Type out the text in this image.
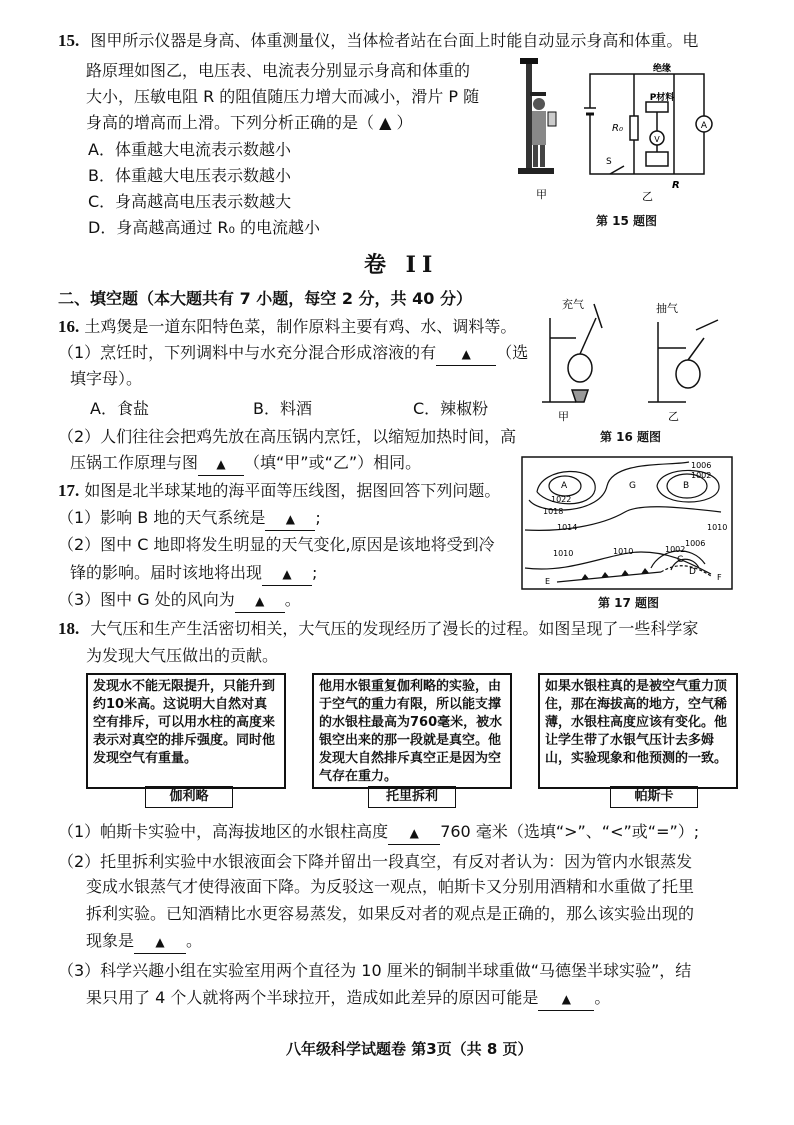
15. 图甲所示仪器是身高、体重测量仪，当体检者站在台面上时能自动显示身高和体重。电
路原理如图乙，电压表、电流表分别显示身高和体重的
大小，压敏电阻 R 的阻值随压力增大而减小，滑片 P 随
身高的增高而上滑。下列分析正确的是（ ▲ ）
A．体重越大电流表示数越小
B．体重越大电压表示数越小
C．身高越高电压表示数越大
D．身高越高通过 R₀ 的电流越小
绝缘
P材料
R₀
R
S
A
V
甲	乙
第 15 题图
卷 II
二、填空题（本大题共有 7 小题，每空 2 分，共 40 分）
16. 土鸡煲是一道东阳特色菜，制作原料主要有鸡、水、调料等。
（1）烹饪时，下列调料中与水充分混合形成溶液的有 ▲ （选
填字母）。
A．食盐	B．料酒	C．辣椒粉
（2）人们往往会把鸡先放在高压锅内烹饪，以缩短加热时间，高
压锅工作原理与图 ▲ （填“甲”或“乙”）相同。
充气	抽气
甲	乙
第 16 题图
17. 如图是北半球某地的海平面等压线图，据图回答下列问题。
（1）影响 B 地的天气系统是 ▲ ;
（2）图中 C 地即将发生明显的天气变化,原因是该地将受到冷
锋的影响。届时该地将出现 ▲ ;
（3）图中 G 处的风向为 ▲ 。
1006
1002
A	B
G
1022
1018
1014	1010
1010	1002
1006
C
D
E	F
1010
第 17 题图
18. 大气压和生产生活密切相关，大气压的发现经历了漫长的过程。如图呈现了一些科学家
为发现大气压做出的贡献。
发现水不能无限提升，只能升到约10米高。这说明大自然对真空有排斥，可以用水柱的高度来表示对真空的排斥强度。同时他发现空气有重量。
伽利略
他用水银重复伽利略的实验，由于空气的重力有限，所以能支撑的水银柱最高为760毫米，被水银空出来的那一段就是真空。他发现大自然排斥真空正是因为空气存在重力。
托里拆利
如果水银柱真的是被空气重力顶住，那在海拔高的地方，空气稀薄，水银柱高度应该有变化。他让学生带了水银气压计去多姆山，实验现象和他预测的一致。
帕斯卡
（1）帕斯卡实验中，高海拔地区的水银柱高度 ▲ 760 毫米（选填“>”、“<”或“=”）;
（2）托里拆利实验中水银液面会下降并留出一段真空，有反对者认为：因为管内水银蒸发
变成水银蒸气才使得液面下降。为反驳这一观点，帕斯卡又分别用酒精和水重做了托里
拆利实验。已知酒精比水更容易蒸发，如果反对者的观点是正确的，那么该实验出现的
现象是 ▲ 。
（3）科学兴趣小组在实验室用两个直径为 10 厘米的铜制半球重做“马德堡半球实验”，结
果只用了 4 个人就将两个半球拉开，造成如此差异的原因可能是 ▲ 。
八年级科学试题卷 第3页（共 8 页）
